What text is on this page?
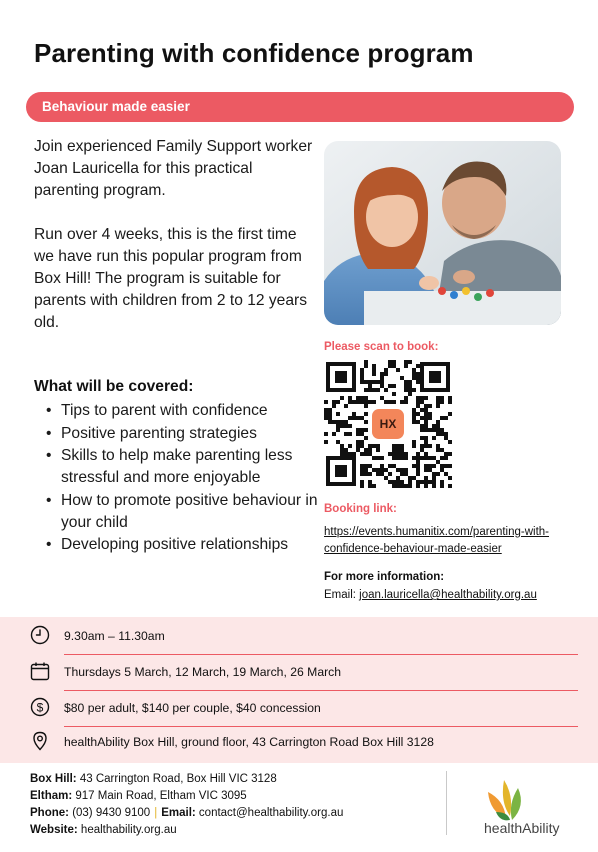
Parenting with confidence program
Behaviour made easier

Join experienced Family Support worker Joan Lauricella for this practical parenting program.

Run over 4 weeks, this is the first time we have run this popular program from Box Hill! The program is suitable for parents with children from 2 to 12 years old.

What will be covered:
• Tips to parent with confidence
• Positive parenting strategies
• Skills to help make parenting less stressful and more enjoyable
• How to promote positive behaviour in your child
• Developing positive relationships
Please scan to book:
HX
Booking link:
https://events.humanitix.com/parenting-with-confidence-behaviour-made-easier
For more information:
Email: joan.lauricella@healthability.org.au
9.30am – 11.30am
Thursdays 5 March, 12 March, 19 March, 26 March
$ $80 per adult, $140 per couple, $40 concession
healthAbility Box Hill, ground floor, 43 Carrington Road Box Hill 3128
Box Hill: 43 Carrington Road, Box Hill VIC 3128
Eltham: 917 Main Road, Eltham VIC 3095
Phone: (03) 9430 9100 | Email: contact@healthability.org.au
Website: healthability.org.au	healthAbility
